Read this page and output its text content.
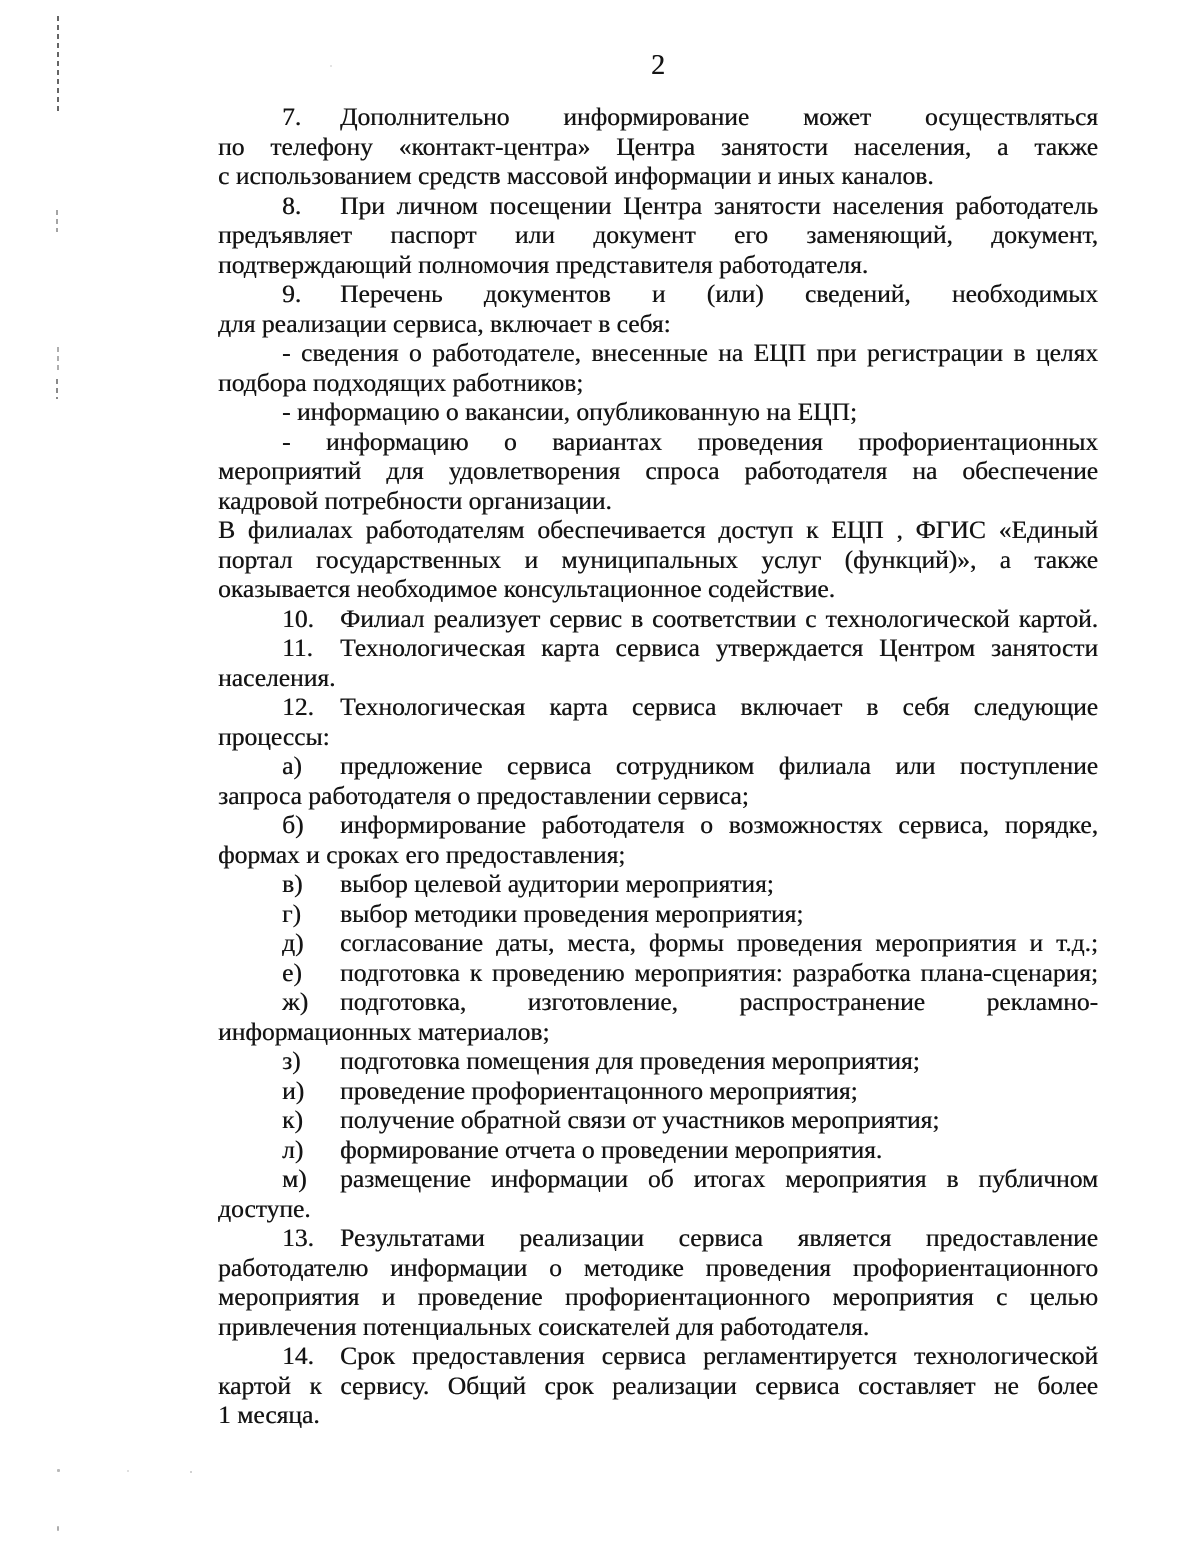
2
7. Дополнительно информирование может осуществляться
по телефону «контакт-центра» Центра занятости населения, а также
с использованием средств массовой информации и иных каналов.
8. При личном посещении Центра занятости населения работодатель
предъявляет паспорт или документ его заменяющий, документ,
подтверждающий полномочия представителя работодателя.
9. Перечень документов и (или) сведений, необходимых
для реализации сервиса, включает в себя:
- сведения о работодателе, внесенные на ЕЦП при регистрации в целях
подбора подходящих работников;
- информацию о вакансии, опубликованную на ЕЦП;
- информацию о вариантах проведения профориентационных
мероприятий для удовлетворения спроса работодателя на обеспечение
кадровой потребности организации.
В филиалах работодателям обеспечивается доступ к ЕЦП , ФГИС «Единый
портал государственных и муниципальных услуг (функций)», а также
оказывается необходимое консультационное содействие.
10. Филиал реализует сервис в соответствии с технологической картой.
11. Технологическая карта сервиса утверждается Центром занятости
населения.
12. Технологическая карта сервиса включает в себя следующие
процессы:
а) предложение сервиса сотрудником филиала или поступление
запроса работодателя о предоставлении сервиса;
б) информирование работодателя о возможностях сервиса, порядке,
формах и сроках его предоставления;
в) выбор целевой аудитории мероприятия;
г) выбор методики проведения мероприятия;
д) согласование даты, места, формы проведения мероприятия и т.д.;
е) подготовка к проведению мероприятия: разработка плана-сценария;
ж) подготовка, изготовление, распространение рекламно-
информационных материалов;
з) подготовка помещения для проведения мероприятия;
и) проведение профориентацонного мероприятия;
к) получение обратной связи от участников мероприятия;
л) формирование отчета о проведении мероприятия.
м) размещение информации об итогах мероприятия в публичном
доступе.
13. Результатами реализации сервиса является предоставление
работодателю информации о методике проведения профориентационного
мероприятия и проведение профориентационного мероприятия с целью
привлечения потенциальных соискателей для работодателя.
14. Срок предоставления сервиса регламентируется технологической
картой к сервису. Общий срок реализации сервиса составляет не более
1 месяца.
